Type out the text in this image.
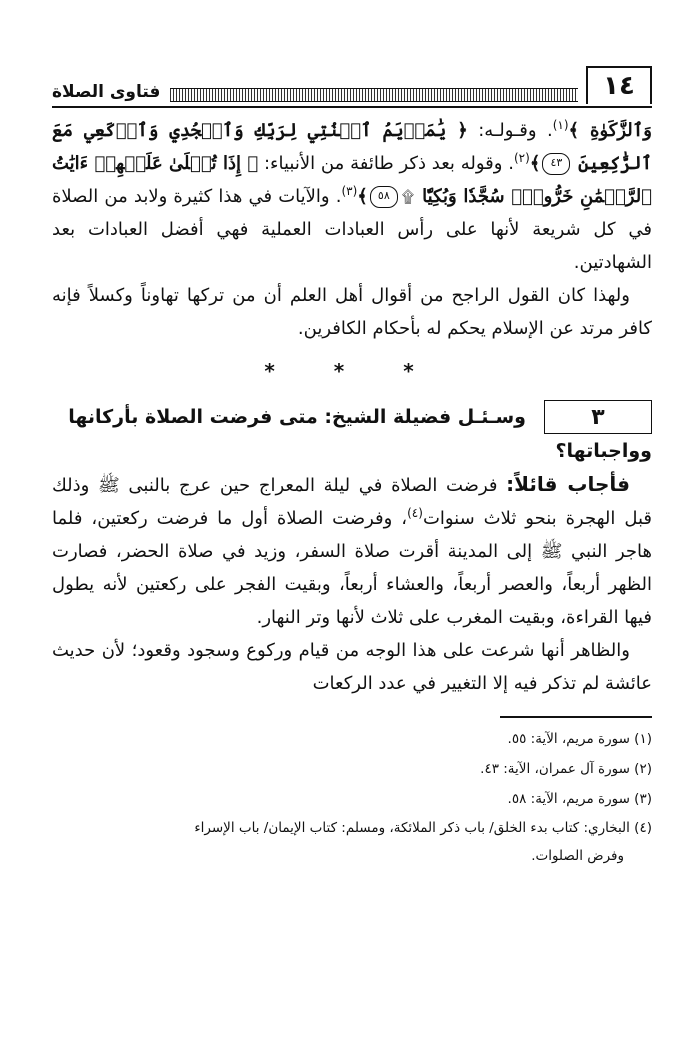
١٤
فتاوى الصلاة

وَٱلزَّكَوٰةِ ﴾$^{(١)}$. وقـولـه: ﴿ يَٰمَرۡيَمُ ٱقۡنُتِي لِرَبِّكِ وَٱسۡجُدِي وَٱرۡكَعِي مَعَ ٱلرَّٰكِعِينَ ٤٣﴾$^{(٢)}$. وقوله بعد ذكر طائفة من الأنبياء: ﴿ إِذَا تُتۡلَىٰ عَلَيۡهِمۡ ءَايَٰتُ ٱلرَّحۡمَٰنِ خَرُّواْۤ سُجَّدٗا وَبُكِيّٗا ۩٥٨﴾$^{(٣)}$. والآيات في هذا كثيرة ولابد من الصلاة في كل شريعة لأنها على رأس العبادات العملية فهي أفضل العبادات بعد الشهادتين.

ولهذا كان القول الراجح من أقوال أهل العلم أن من تركها تهاوناً وكسلاً فإنه كافر مرتد عن الإسلام يحكم له بأحكام الكافرين.

* * *
٣
وسـئـل فضيلة الشيخ: متى فرضت الصلاة بأركانها

وواجباتها؟

فأجاب قائلاً: فرضت الصلاة في ليلة المعراج حين عرج بالنبى ﷺ وذلك قبل الهجرة بنحو ثلاث سنوات$^{(٤)}$، وفرضت الصلاة أول ما فرضت ركعتين، فلما هاجر النبي ﷺ إلى المدينة أقرت صلاة السفر، وزيد في صلاة الحضر، فصارت الظهر أربعاً، والعصر أربعاً، والعشاء أربعاً، وبقيت الفجر على ركعتين لأنه يطول فيها القراءة، وبقيت المغرب على ثلاث لأنها وتر النهار.

والظاهر أنها شرعت على هذا الوجه من قيام وركوع وسجود وقعود؛ لأن حديث عائشة لم تذكر فيه إلا التغيير في عدد الركعات

(١) سورة مريم، الآية: ٥٥.

(٢) سورة آل عمران، الآية: ٤٣.

(٣) سورة مريم، الآية: ٥٨.

(٤) البخاري: كتاب بدء الخلق/ باب ذكر الملائكة، ومسلم: كتاب الإيمان/ باب الإسراء
وفرض الصلوات.
